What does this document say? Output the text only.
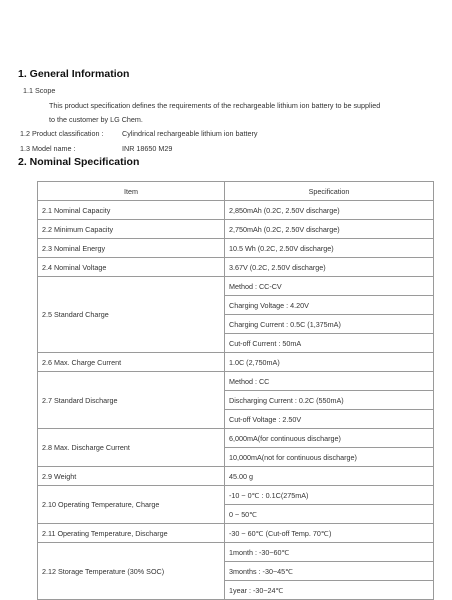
1. General Information
1.1 Scope
This product specification defines the requirements of the rechargeable lithium ion battery to be supplied
to the customer by LG Chem.
1.2 Product classification :	Cylindrical rechargeable lithium ion battery
1.3 Model name :	INR 18650 M29
2. Nominal Specification
Item	Specification
2.1 Nominal Capacity	2,850mAh (0.2C, 2.50V discharge)
2.2 Minimum Capacity	2,750mAh (0.2C, 2.50V discharge)
2.3 Nominal Energy	10.5 Wh (0.2C, 2.50V discharge)
2.4 Nominal Voltage	3.67V (0.2C, 2.50V discharge)
2.5 Standard Charge	Method : CC-CV
	Charging Voltage : 4.20V
	Charging Current : 0.5C (1,375mA)
	Cut-off Current : 50mA
2.6 Max. Charge Current	1.0C (2,750mA)
2.7 Standard Discharge	Method : CC
	Discharging Current : 0.2C (550mA)
	Cut-off Voltage : 2.50V
2.8 Max. Discharge Current	6,000mA(for continuous discharge)
	10,000mA(not for continuous discharge)
2.9 Weight	45.00 g
2.10 Operating Temperature, Charge	-10 ~ 0℃ : 0.1C(275mA)
	0 ~ 50℃
2.11 Operating Temperature, Discharge	-30 ~ 60℃ (Cut-off Temp. 70℃)
2.12 Storage Temperature (30% SOC)	1month : -30~60℃
	3months : -30~45℃
	1year : -30~24℃
